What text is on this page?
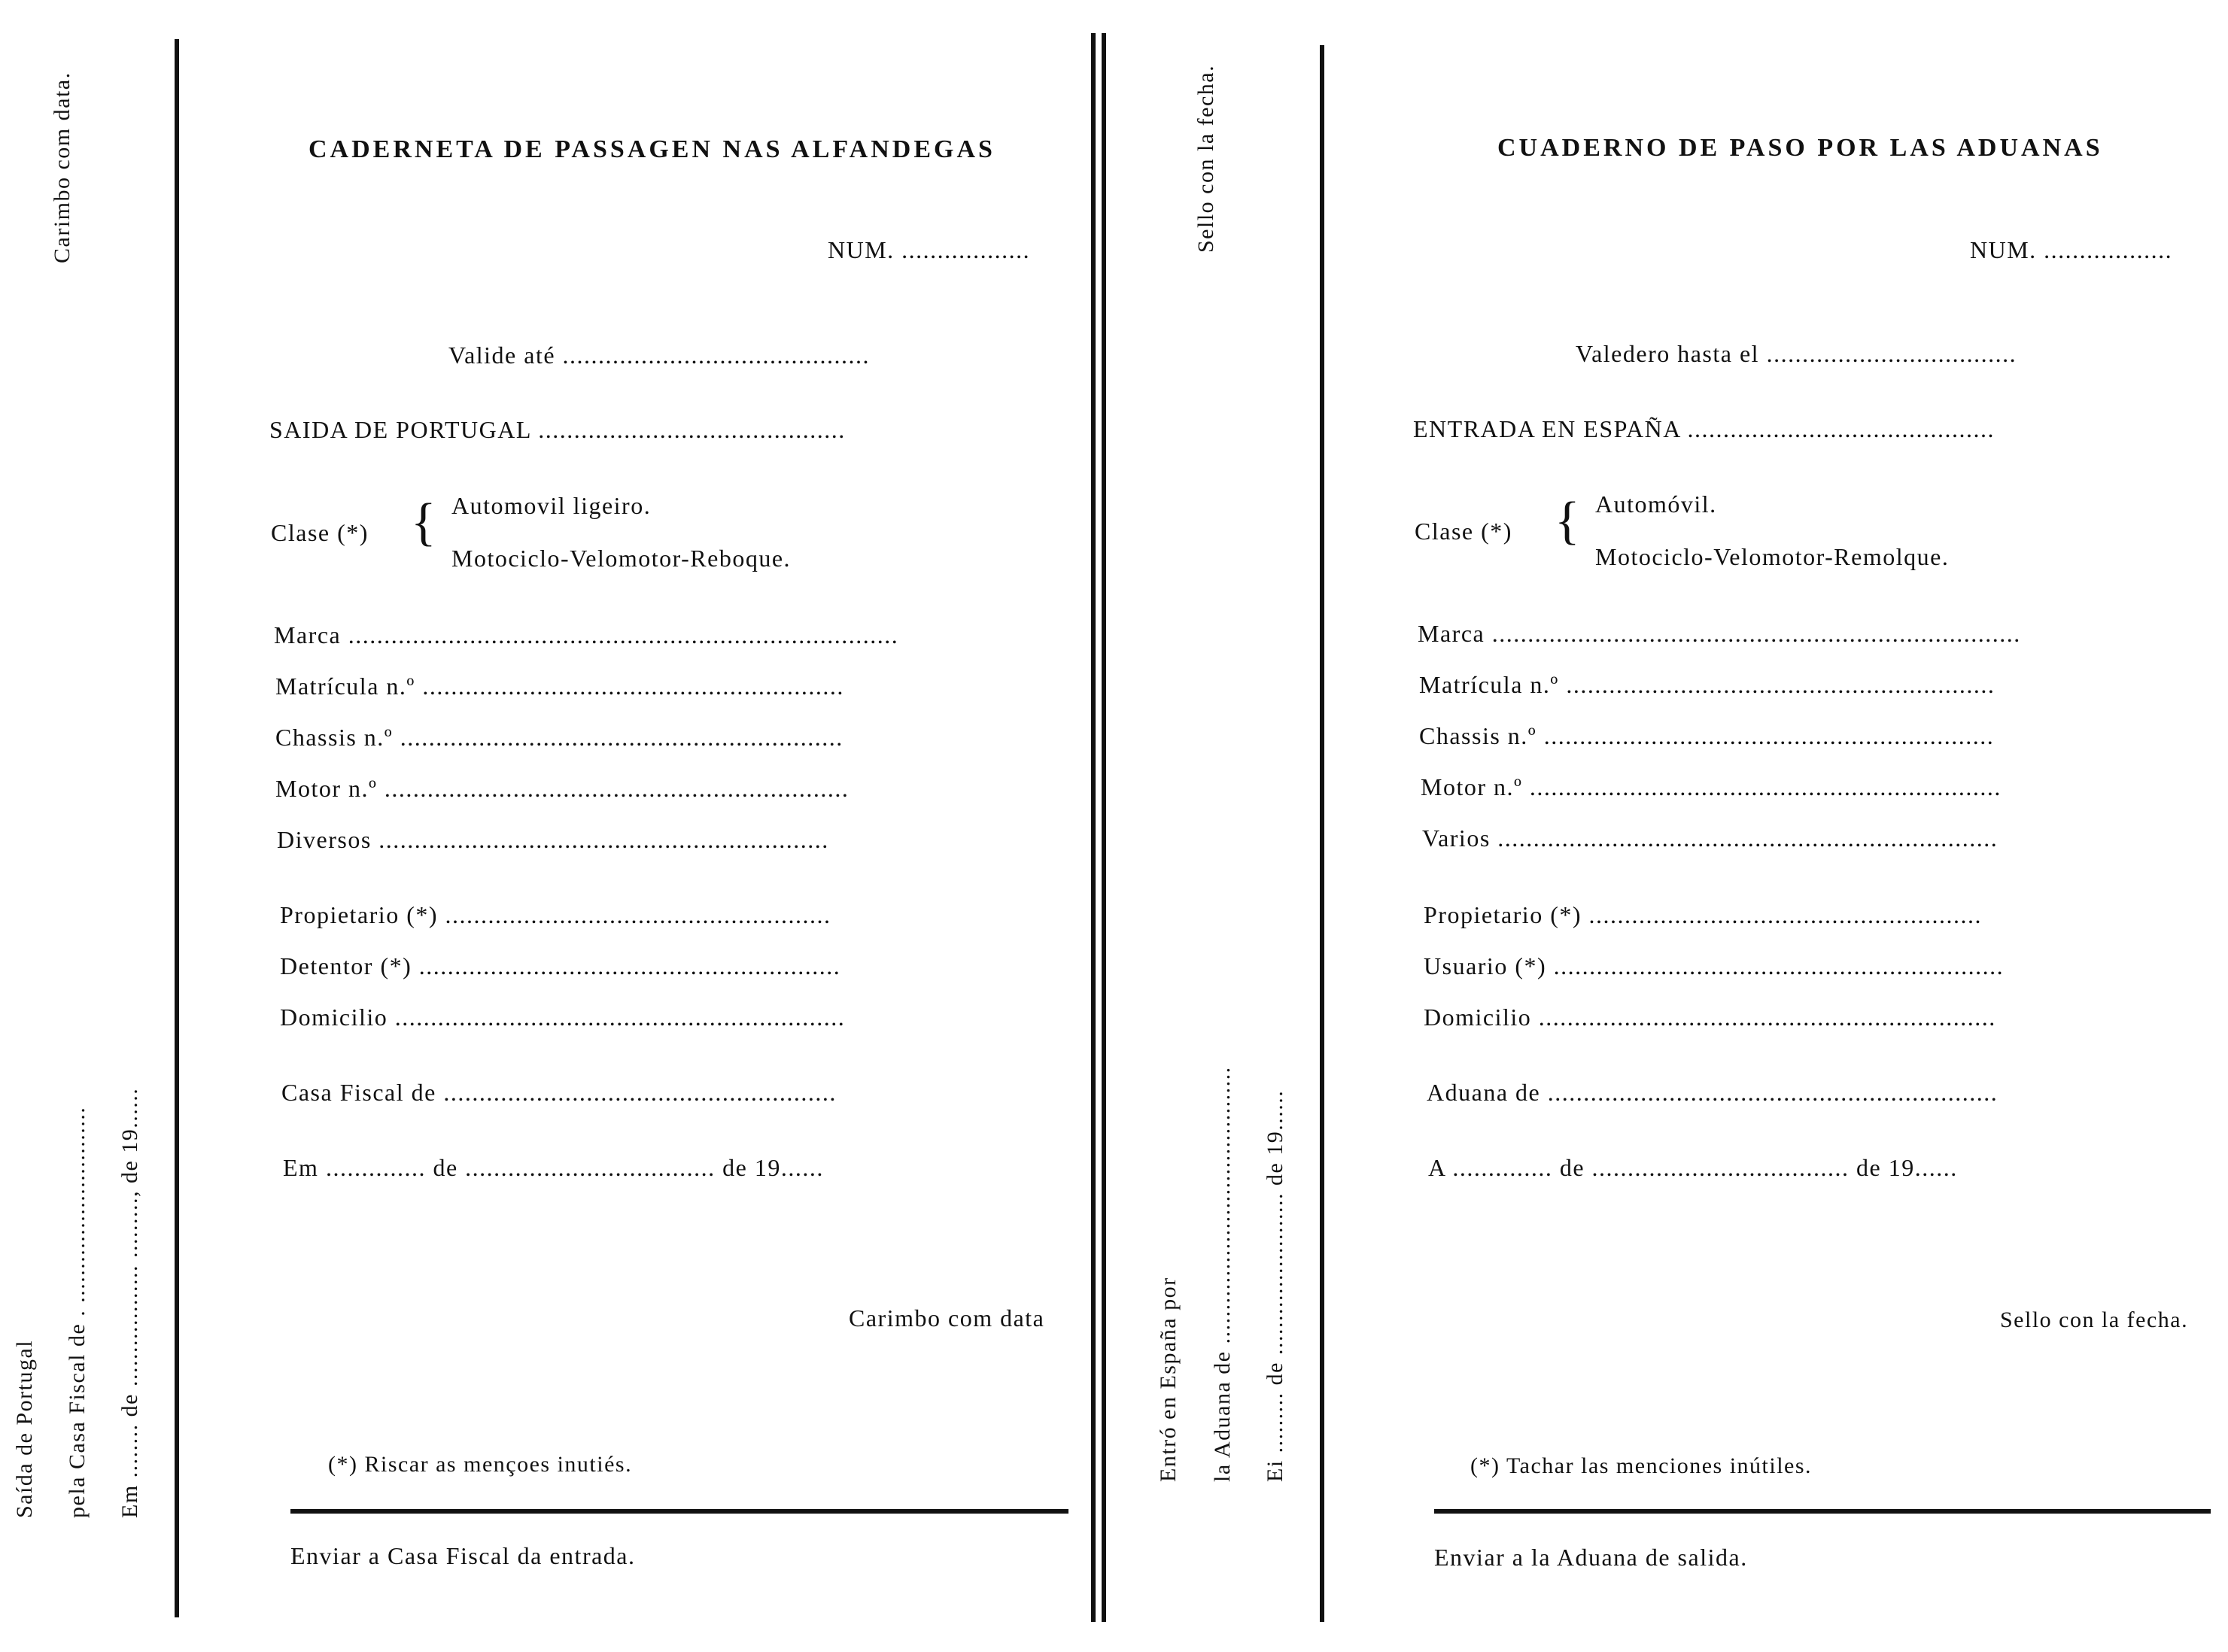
Carimbo com data.
Saída de Portugal pela Casa Fiscal de . ............................. Em ........ de .................. ........., de 19......
CADERNETA DE PASSAGEN NAS ALFANDEGAS
NUM. ..................
Valide até ...........................................
SAIDA DE PORTUGAL ...........................................
Clase (*) { Automovil ligeiro.
Motociclo-Velomotor-Reboque.
Marca .............................................................................
Matrícula n.º ...........................................................
Chassis n.º ..............................................................
Motor n.º .................................................................
Diversos ...............................................................
Propietario (*) ......................................................
Detentor (*) ...........................................................
Domicilio ...............................................................
Casa Fiscal de .......................................................
Em .............. de ................................... de 19......
Carimbo com data
(*) Riscar as mençoes inutiés.
Enviar a Casa Fiscal da entrada.
Sello con la fecha.
Entró en España por la Aduana de ......................................... Ei ......... de ........................ de 19......
CUADERNO DE PASO POR LAS ADUANAS
NUM. ..................
Valedero hasta el ...................................
ENTRADA EN ESPAÑA ...........................................
Clase (*) { Automóvil.
Motociclo-Velomotor-Remolque.
Marca ..........................................................................
Matrícula n.º ............................................................
Chassis n.º ...............................................................
Motor n.º ..................................................................
Varios ......................................................................
Propietario (*) .......................................................
Usuario (*) ...............................................................
Domicilio ................................................................
Aduana de ...............................................................
A .............. de .................................... de 19......
Sello con la fecha.
(*) Tachar las menciones inútiles.
Enviar a la Aduana de salida.
